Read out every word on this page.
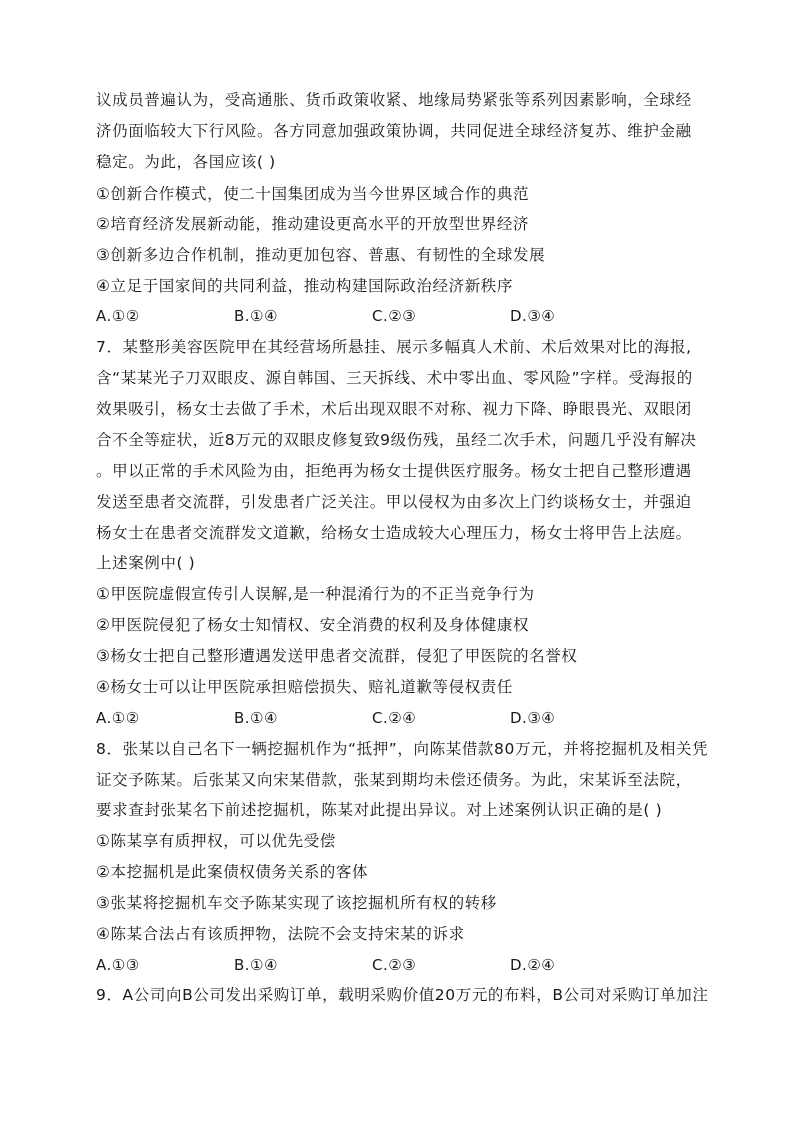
议成员普遍认为，受高通胀、货币政策收紧、地缘局势紧张等系列因素影响，全球经
济仍面临较大下行风险。各方同意加强政策协调，共同促进全球经济复苏、维护金融
稳定。为此，各国应该( )
①创新合作模式，使二十国集团成为当今世界区域合作的典范
②培育经济发展新动能，推动建设更高水平的开放型世界经济
③创新多边合作机制，推动更加包容、普惠、有韧性的全球发展
④立足于国家间的共同利益，推动构建国际政治经济新秩序
A.①②	B.①④	C.②③	D.③④
7．某整形美容医院甲在其经营场所悬挂、展示多幅真人术前、术后效果对比的海报,
含“某某光子刀双眼皮、源自韩国、三天拆线、术中零出血、零风险”字样。受海报的
效果吸引，杨女士去做了手术，术后出现双眼不对称、视力下降、睁眼畏光、双眼闭
合不全等症状，近8万元的双眼皮修复致9级伤残，虽经二次手术，问题几乎没有解决
。甲以正常的手术风险为由，拒绝再为杨女士提供医疗服务。杨女士把自己整形遭遇
发送至患者交流群，引发患者广泛关注。甲以侵权为由多次上门约谈杨女士，并强迫
杨女士在患者交流群发文道歉，给杨女士造成较大心理压力，杨女士将甲告上法庭。
上述案例中( )
①甲医院虚假宣传引人误解,是一种混淆行为的不正当竞争行为
②甲医院侵犯了杨女士知情权、安全消费的权利及身体健康权
③杨女士把自己整形遭遇发送甲患者交流群，侵犯了甲医院的名誉权
④杨女士可以让甲医院承担赔偿损失、赔礼道歉等侵权责任
A.①②	B.①④	C.②④	D.③④
8．张某以自己名下一辆挖掘机作为“抵押”，向陈某借款80万元，并将挖掘机及相关凭
证交予陈某。后张某又向宋某借款，张某到期均未偿还债务。为此，宋某诉至法院，
要求查封张某名下前述挖掘机，陈某对此提出异议。对上述案例认识正确的是( )
①陈某享有质押权，可以优先受偿
②本挖掘机是此案债权债务关系的客体
③张某将挖掘机车交予陈某实现了该挖掘机所有权的转移
④陈某合法占有该质押物，法院不会支持宋某的诉求
A.①③	B.①④	C.②③	D.②④
9．A公司向B公司发出采购订单，载明采购价值20万元的布料，B公司对采购订单加注
